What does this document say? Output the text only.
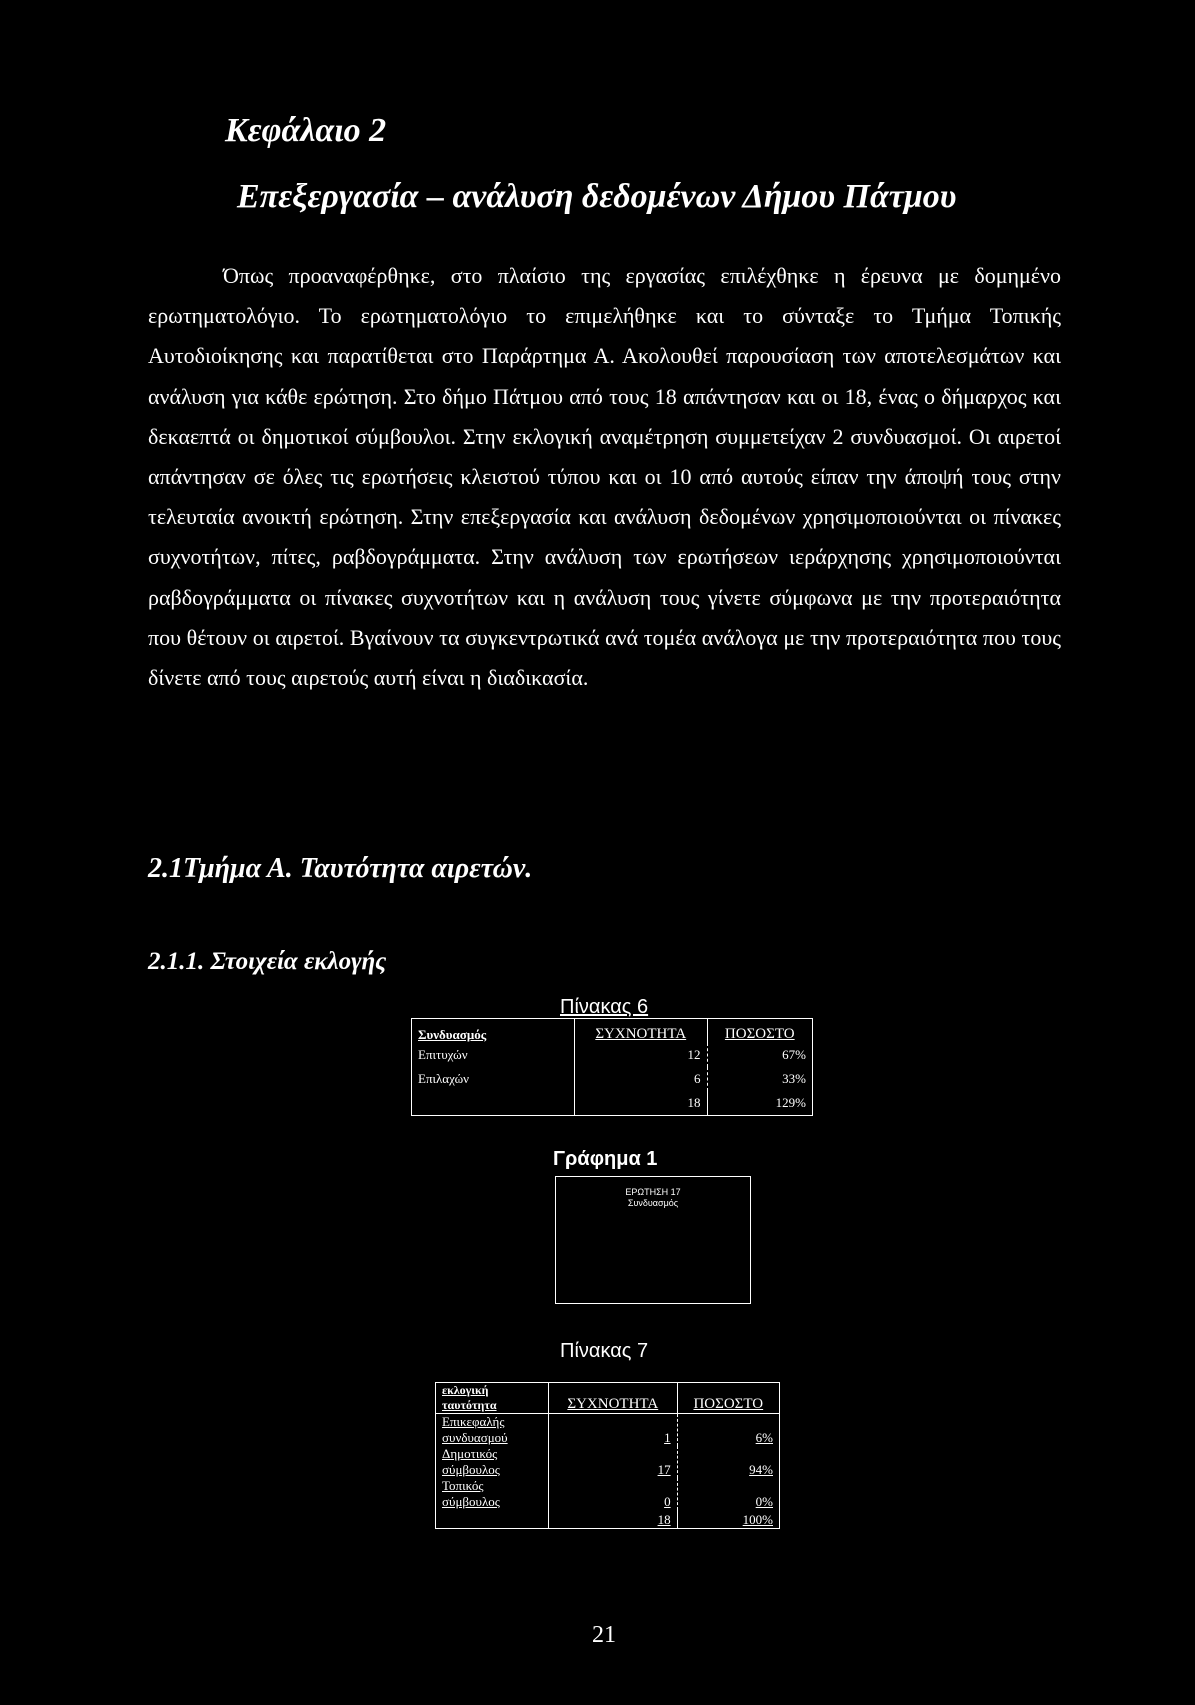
Κεφάλαιο 2
Επεξεργασία – ανάλυση δεδομένων Δήμου Πάτμου

Όπως προαναφέρθηκε, στο πλαίσιο της εργασίας επιλέχθηκε η έρευνα με δομημένο ερωτηματολόγιο. Το ερωτηματολόγιο το επιμελήθηκε και το σύνταξε το Τμήμα Τοπικής Αυτοδιοίκησης και παρατίθεται στο Παράρτημα Α. Ακολουθεί παρουσίαση των αποτελεσμάτων και ανάλυση για κάθε ερώτηση. Στο δήμο Πάτμου από τους 18 απάντησαν και οι 18, ένας ο δήμαρχος και δεκαεπτά οι δημοτικοί σύμβουλοι. Στην εκλογική αναμέτρηση συμμετείχαν 2 συνδυασμοί. Οι αιρετοί απάντησαν σε όλες τις ερωτήσεις κλειστού τύπου και οι 10 από αυτούς είπαν την άποψή τους στην τελευταία ανοικτή ερώτηση. Στην επεξεργασία και ανάλυση δεδομένων χρησιμοποιούνται οι πίνακες συχνοτήτων, πίτες, ραβδογράμματα. Στην ανάλυση των ερωτήσεων ιεράρχησης χρησιμοποιούνται ραβδογράμματα οι πίνακες συχνοτήτων και η ανάλυση τους γίνετε σύμφωνα με την προτεραιότητα που θέτουν οι αιρετοί. Βγαίνουν τα συγκεντρωτικά ανά τομέα ανάλογα με την προτεραιότητα που τους δίνετε από τους αιρετούς αυτή είναι η διαδικασία.

2.1Τμήμα Α. Ταυτότητα αιρετών.
2.1.1. Στοιχεία εκλογής
Πίνακας 6
Συνδυασμός	ΣΥΧΝΟΤΗΤΑ	ΠΟΣΟΣΤΟ
Επιτυχών	12	67%
Επιλαχών	6	33%
	18	129%
Γράφημα 1
ΕΡΩΤΗΣΗ 17
Συνδυασμός
Πίνακας 7
εκλογική ταυτότητα	ΣΥΧΝΟΤΗΤΑ	ΠΟΣΟΣΤΟ
Επικεφαλής συνδυασμού	1	6%
Δημοτικός σύμβουλος	17	94%
Τοπικός σύμβουλος	0	0%
	18	100%
21
